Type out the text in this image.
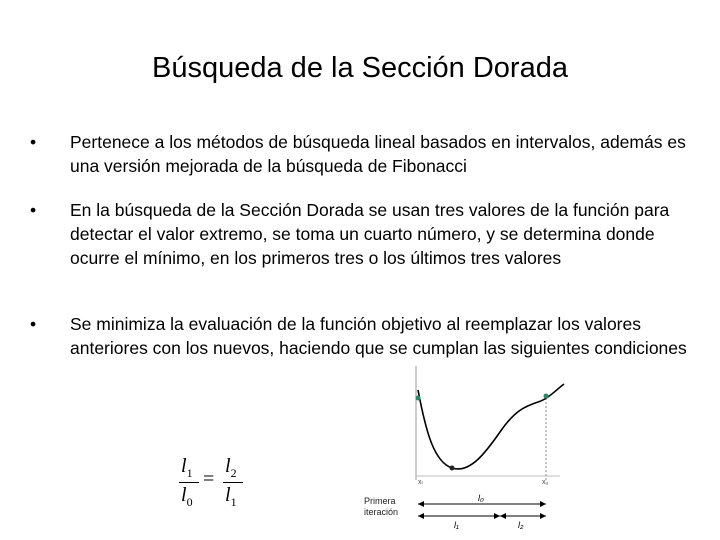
Búsqueda de la Sección Dorada
•	Pertenece a los métodos de búsqueda lineal basados en intervalos, además es una versión mejorada de la búsqueda de Fibonacci
•	En la búsqueda de la Sección Dorada se usan tres valores de la función para detectar el valor extremo, se toma un cuarto número, y se determina donde ocurre el mínimo, en los primeros tres o los últimos tres valores
•	Se minimiza la evaluación de la función objetivo al reemplazar los valores anteriores con los nuevos, haciendo que se cumplan las siguientes condiciones
$l_1$
$l_0$
=
$l_2$
$l_1$
xₗ	xᵤ
Primera
iteración
l₀
l₁	l₂
